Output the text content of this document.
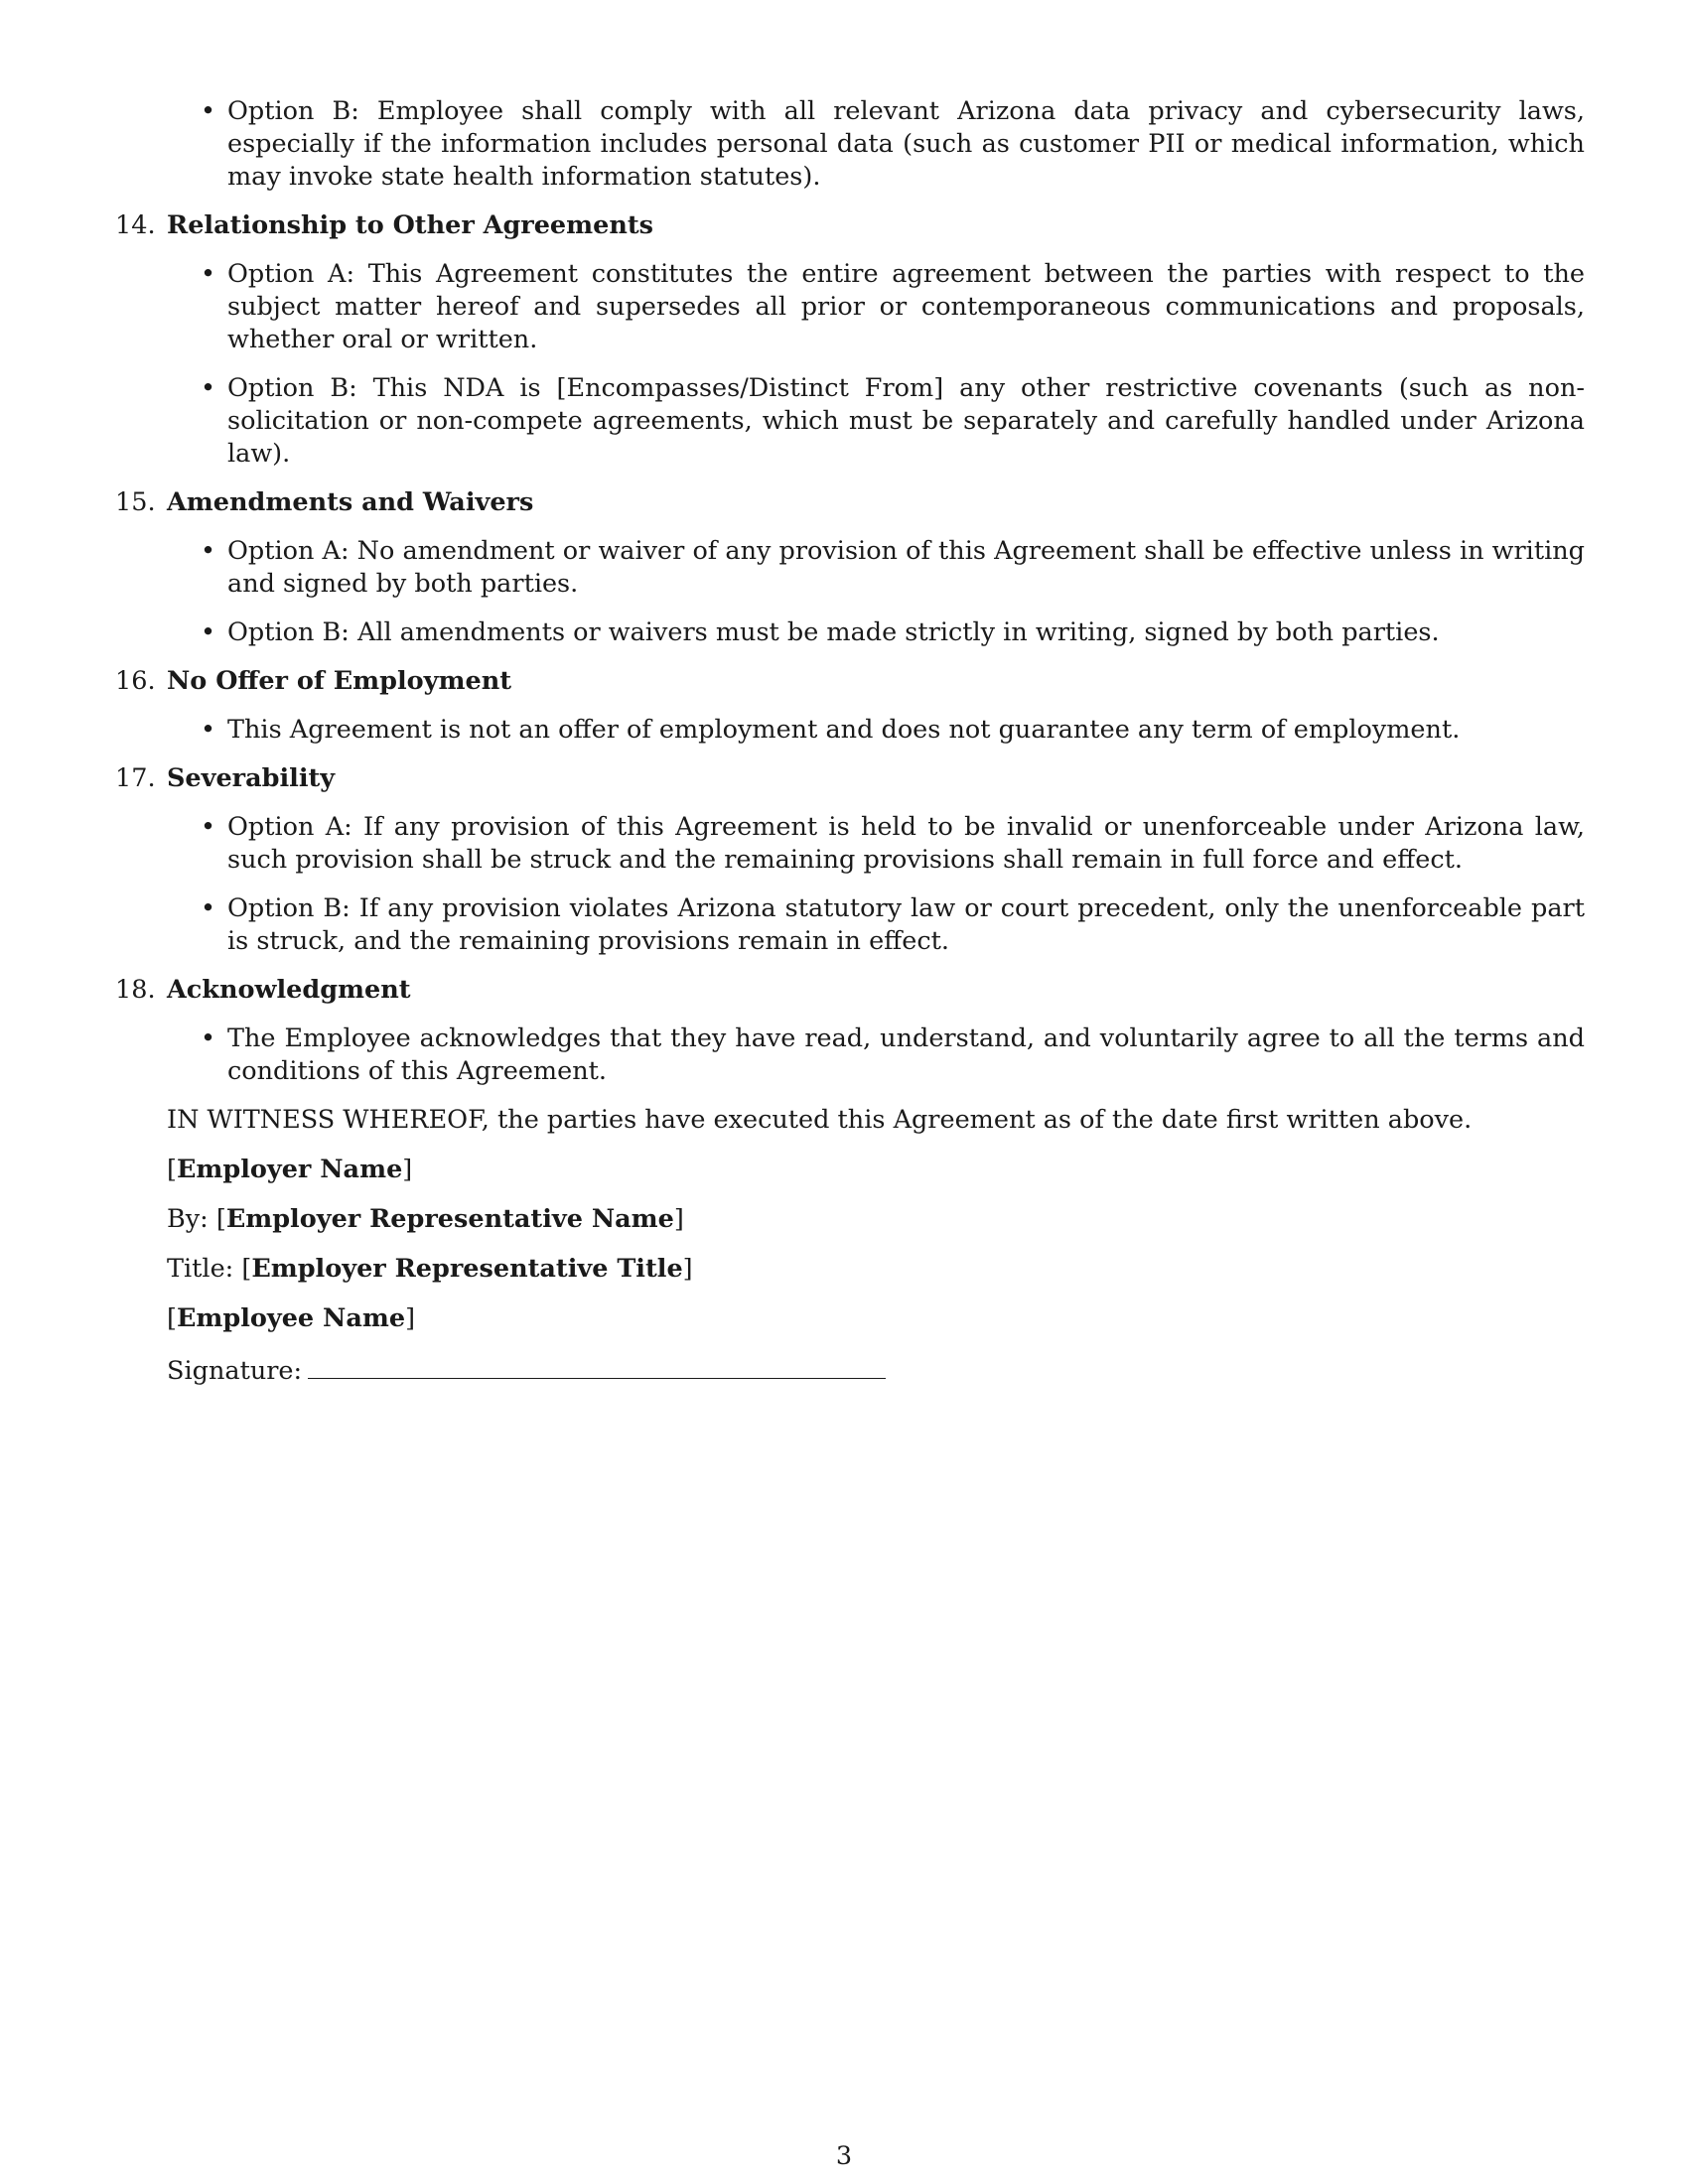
• Option B: Employee shall comply with all relevant Arizona data privacy and cybersecurity laws, especially if the information includes personal data (such as customer PII or medical information, which may invoke state health information statutes).
14. Relationship to Other Agreements
• Option A: This Agreement constitutes the entire agreement between the parties with respect to the subject matter hereof and supersedes all prior or contemporaneous communications and proposals, whether oral or written.
• Option B: This NDA is [Encompasses/Distinct From] any other restrictive covenants (such as non-solicitation or non-compete agreements, which must be separately and carefully handled under Arizona law).
15. Amendments and Waivers
• Option A: No amendment or waiver of any provision of this Agreement shall be effective unless in writing and signed by both parties.
• Option B: All amendments or waivers must be made strictly in writing, signed by both parties.
16. No Offer of Employment
• This Agreement is not an offer of employment and does not guarantee any term of employment.
17. Severability
• Option A: If any provision of this Agreement is held to be invalid or unenforceable under Arizona law, such provision shall be struck and the remaining provisions shall remain in full force and effect.
• Option B: If any provision violates Arizona statutory law or court precedent, only the unenforceable part is struck, and the remaining provisions remain in effect.
18. Acknowledgment
• The Employee acknowledges that they have read, understand, and voluntarily agree to all the terms and conditions of this Agreement.

IN WITNESS WHEREOF, the parties have executed this Agreement as of the date first written above.

[Employer Name]

By: [Employer Representative Name]

Title: [Employer Representative Title]

[Employee Name]

Signature:

3
